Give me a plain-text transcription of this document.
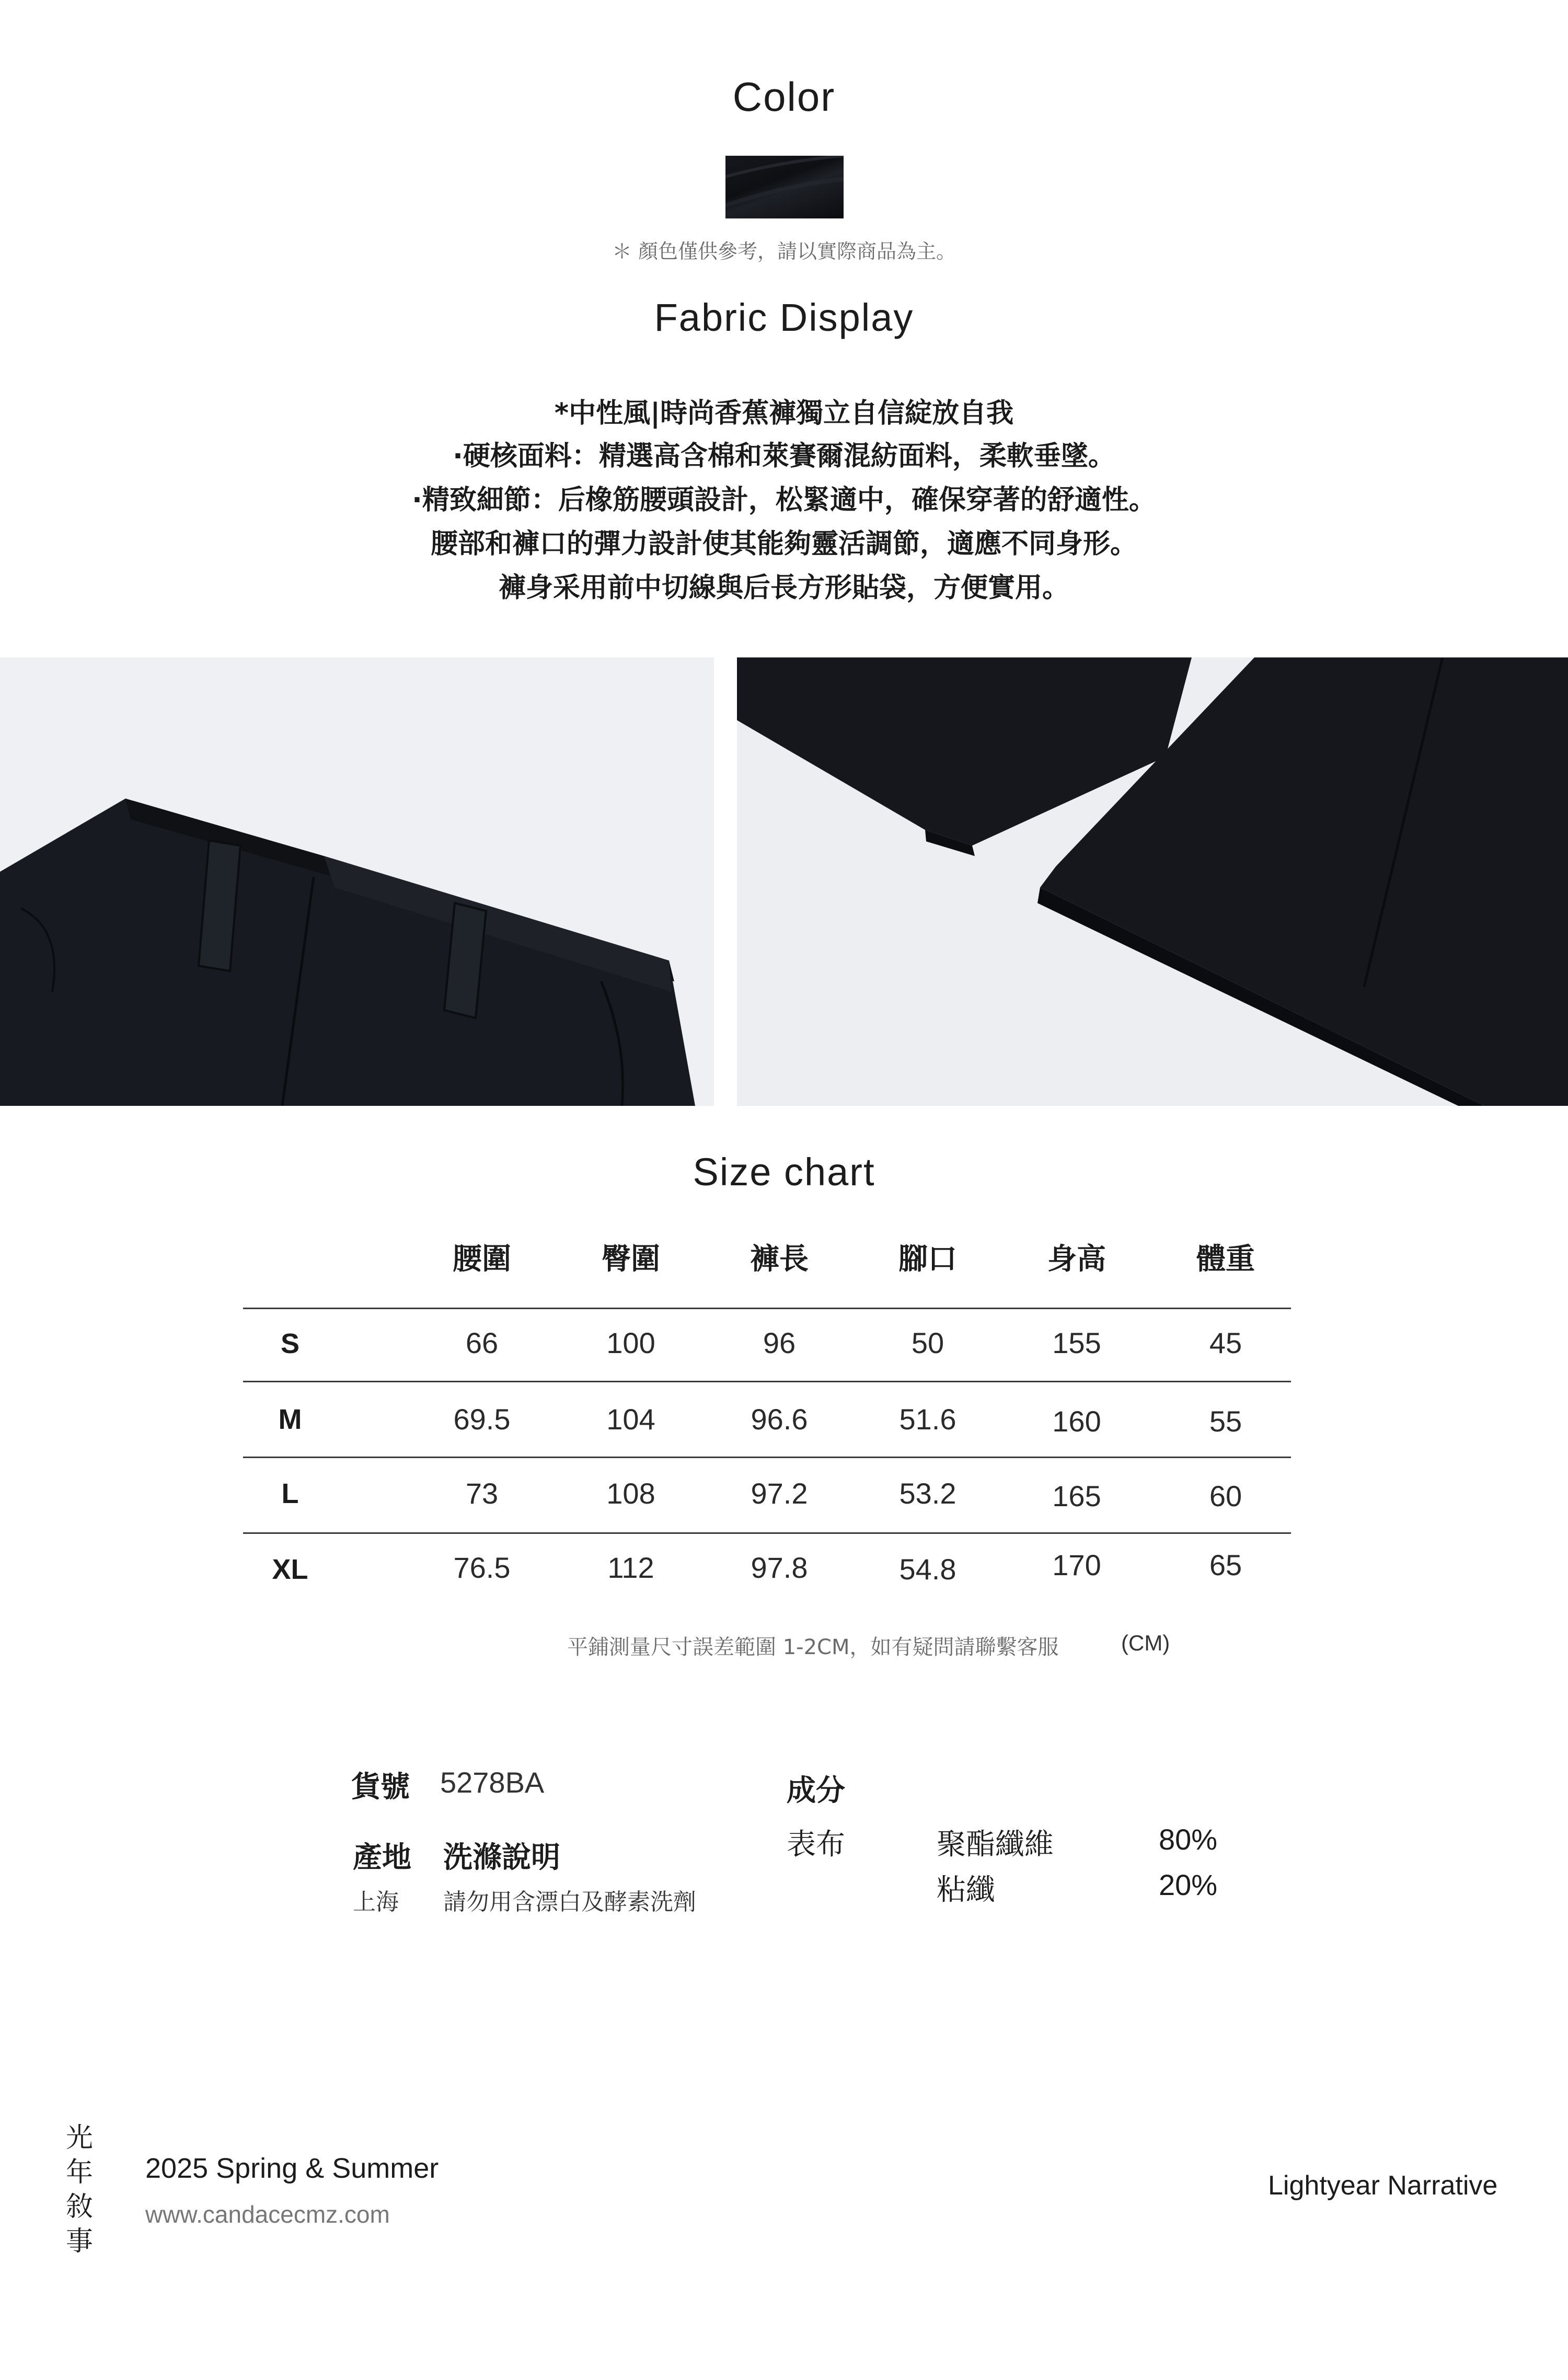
Color
＊ 顏色僅供參考，請以實際商品為主。
Fabric Display
*中性風|時尚香蕉褲獨立自信綻放自我
·硬核面料：精選高含棉和萊賽爾混紡面料，柔軟垂墜。
·精致細節：后橡筋腰頭設計，松緊適中，確保穿著的舒適性。
腰部和褲口的彈力設計使其能夠靈活調節，適應不同身形。
褲身采用前中切線與后長方形貼袋，方便實用。
Size chart
腰圍	臀圍	褲長	腳口	身高	體重
S	66	100	96	50	155	45
M	69.5	104	96.6	51.6	160	55
L	73	108	97.2	53.2	165	60
XL	76.5	112	97.8	54.8	170	65
平鋪測量尺寸誤差範圍 1-2CM，如有疑問請聯繫客服	(CM)
貨號 5278BA
產地 洗滌說明
上海 請勿用含漂白及酵素洗劑
成分
表布	聚酯纖維	80%
粘纖	20%
光
年
敘
事
2025 Spring & Summer
www.candacecmz.com
Lightyear Narrative
